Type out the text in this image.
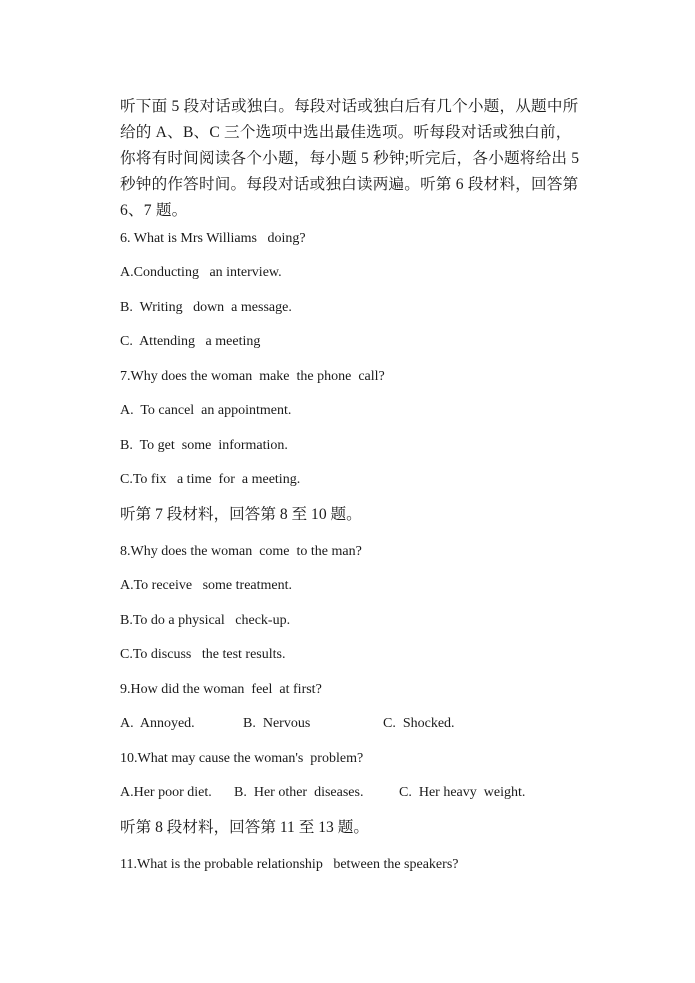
听下面 5 段对话或独白。每段对话或独白后有几个小题，从题中所给的 A、B、C 三个选项中选出最佳选项。听每段对话或独白前，你将有时间阅读各个小题，每小题 5 秒钟;听完后，各小题将给出 5 秒钟的作答时间。每段对话或独白读两遍。听第 6 段材料，回答第 6、7 题。

6. What is Mrs Williams   doing?

A.Conducting   an interview.

B.  Writing   down  a message.

C.  Attending   a meeting

7.Why does the woman  make  the phone  call?

A.  To cancel  an appointment.

B.  To get  some  information.

C.To fix   a time  for  a meeting.

听第 7 段材料，回答第 8 至 10 题。

8.Why does the woman  come  to the man?

A.To receive   some treatment.

B.To do a physical   check-up.

C.To discuss   the test results.

9.How did the woman  feel  at first?

A.  Annoyed.	B.  Nervous	C.  Shocked.

10.What may cause the woman's  problem?

A.Her poor diet. B.  Her other  diseases.	C.  Her heavy  weight.

听第 8 段材料，回答第 11 至 13 题。

11.What is the probable relationship   between the speakers?
